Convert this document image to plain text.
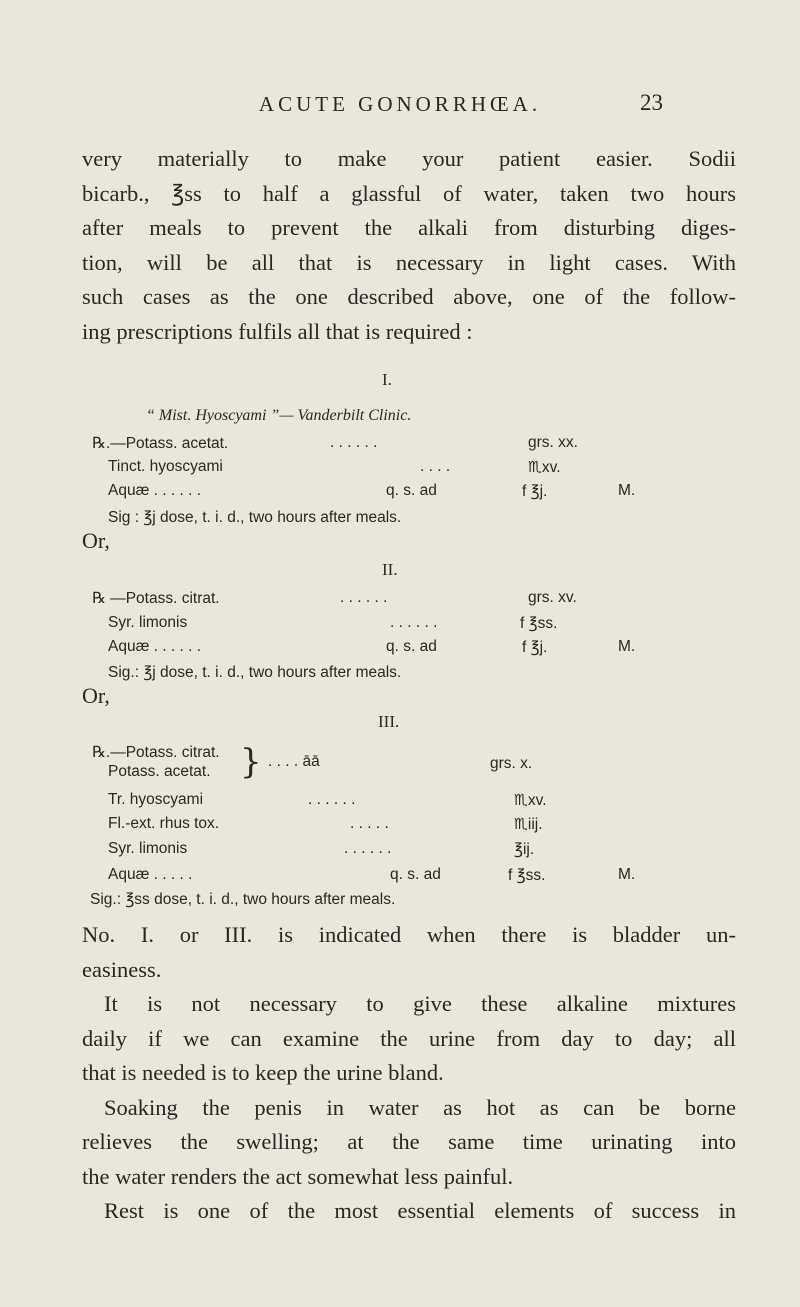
ACUTE GONORRHŒA.	23
very materially to make your patient easier. Sodii
bicarb., ℥ss to half a glassful of water, taken two hours
after meals to prevent the alkali from disturbing diges-
tion, will be all that is necessary in light cases. With
such cases as the one described above, one of the follow-
ing prescriptions fulfils all that is required :
I.
“ Mist. Hyoscyami ”— Vanderbilt Clinic.
℞.—Potass. acetat.	. . . . . .	grs. xx.
Tinct. hyoscyami	. . . .	♏xv.
Aquæ . . . . . .	q. s. ad	f ℥j.	M.
Sig : ℥j dose, t. i. d., two hours after meals.
Or,
II.
℞ —Potass. citrat.	. . . . . .	grs. xv.
Syr. limonis	. . . . . .	f ℥ss.
Aquæ . . . . . .	q. s. ad	f ℥j.	M.
Sig.: ℥j dose, t. i. d., two hours after meals.
Or,
III.
℞.—Potass. citrat.
Potass. acetat. } . . . . āā	grs. x.
Tr. hyoscyami	. . . . . .	♏xv.
Fl.-ext. rhus tox.	. . . . .	♏iij.
Syr. limonis	. . . . . .	℥ij.
Aquæ . . . . .	q. s. ad	f ℥ss.	M.
Sig.: ℥ss dose, t. i. d., two hours after meals.
No. I. or III. is indicated when there is bladder un-
easiness.
It is not necessary to give these alkaline mixtures
daily if we can examine the urine from day to day; all
that is needed is to keep the urine bland.
Soaking the penis in water as hot as can be borne
relieves the swelling; at the same time urinating into
the water renders the act somewhat less painful.
Rest is one of the most essential elements of success in
